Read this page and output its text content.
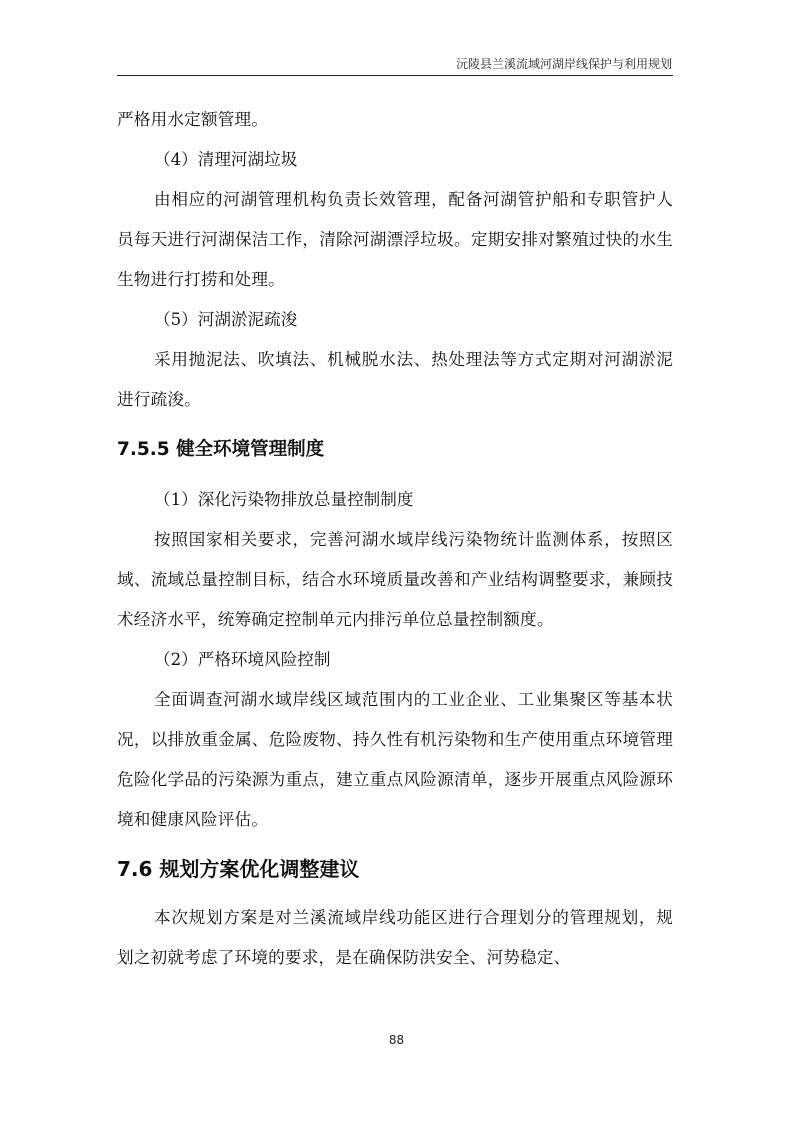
沅陵县兰溪流域河湖岸线保护与利用规划

严格用水定额管理。

（4）清理河湖垃圾

由相应的河湖管理机构负责长效管理，配备河湖管护船和专职管护人员每天进行河湖保洁工作，清除河湖漂浮垃圾。定期安排对繁殖过快的水生生物进行打捞和处理。

（5）河湖淤泥疏浚

采用抛泥法、吹填法、机械脱水法、热处理法等方式定期对河湖淤泥进行疏浚。

7.5.5 健全环境管理制度

（1）深化污染物排放总量控制制度

按照国家相关要求，完善河湖水域岸线污染物统计监测体系，按照区域、流域总量控制目标，结合水环境质量改善和产业结构调整要求，兼顾技术经济水平，统筹确定控制单元内排污单位总量控制额度。

（2）严格环境风险控制

全面调查河湖水域岸线区域范围内的工业企业、工业集聚区等基本状况，以排放重金属、危险废物、持久性有机污染物和生产使用重点环境管理危险化学品的污染源为重点，建立重点风险源清单，逐步开展重点风险源环境和健康风险评估。

7.6 规划方案优化调整建议

本次规划方案是对兰溪流域岸线功能区进行合理划分的管理规划，规划之初就考虑了环境的要求，是在确保防洪安全、河势稳定、

88
